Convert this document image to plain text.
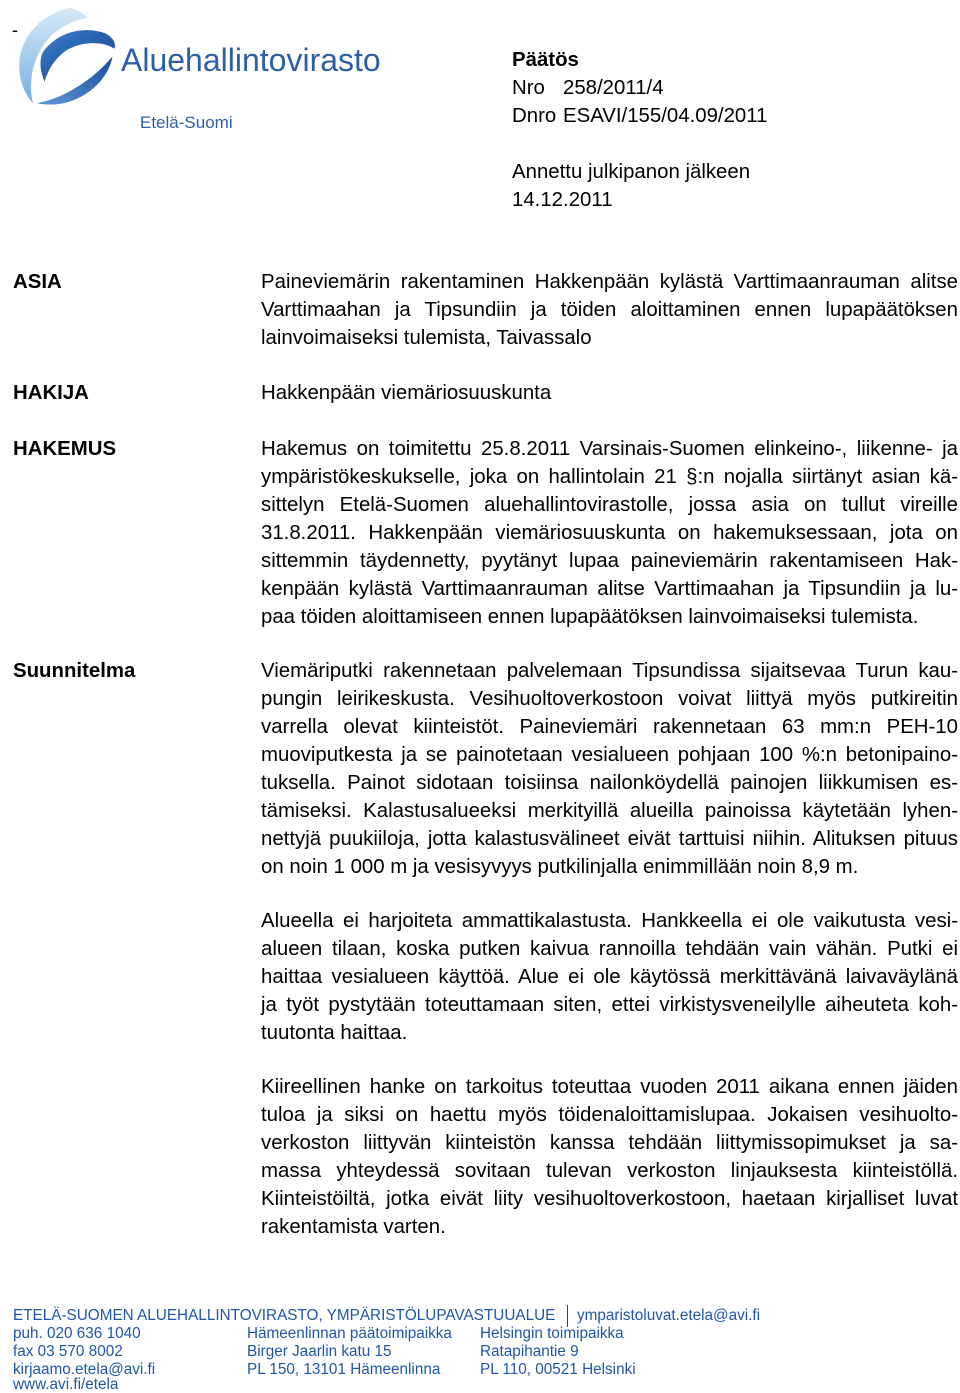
-
Aluehallintovirasto
Etelä-Suomi
Päätös
Nro 258/2011/4
Dnro ESAVI/155/04.09/2011
Annettu julkipanon jälkeen
14.12.2011
ASIA	Paineviemärin rakentaminen Hakkenpään kylästä Varttimaanrauman alitse
Varttimaahan ja Tipsundiin ja töiden aloittaminen ennen lupapäätöksen
lainvoimaiseksi tulemista, Taivassalo
HAKIJA	Hakkenpään viemäriosuuskunta
HAKEMUS	Hakemus on toimitettu 25.8.2011 Varsinais-Suomen elinkeino-, liikenne- ja
ympäristökeskukselle, joka on hallintolain 21 §:n nojalla siirtänyt asian kä-
sittelyn Etelä-Suomen aluehallintovirastolle, jossa asia on tullut vireille
31.8.2011. Hakkenpään viemäriosuuskunta on hakemuksessaan, jota on
sittemmin täydennetty, pyytänyt lupaa paineviemärin rakentamiseen Hak-
kenpään kylästä Varttimaanrauman alitse Varttimaahan ja Tipsundiin ja lu-
paa töiden aloittamiseen ennen lupapäätöksen lainvoimaiseksi tulemista.
Suunnitelma	Viemäriputki rakennetaan palvelemaan Tipsundissa sijaitsevaa Turun kau-
pungin leirikeskusta. Vesihuoltoverkostoon voivat liittyä myös putkireitin
varrella olevat kiinteistöt. Paineviemäri rakennetaan 63 mm:n PEH-10
muoviputkesta ja se painotetaan vesialueen pohjaan 100 %:n betonipaino-
tuksella. Painot sidotaan toisiinsa nailonköydellä painojen liikkumisen es-
tämiseksi. Kalastusalueeksi merkityillä alueilla painoissa käytetään lyhen-
nettyjä puukiiloja, jotta kalastusvälineet eivät tarttuisi niihin. Alituksen pituus
on noin 1 000 m ja vesisyvyys putkilinjalla enimmillään noin 8,9 m.
Alueella ei harjoiteta ammattikalastusta. Hankkeella ei ole vaikutusta vesi-
alueen tilaan, koska putken kaivua rannoilla tehdään vain vähän. Putki ei
haittaa vesialueen käyttöä. Alue ei ole käytössä merkittävänä laivaväylänä
ja työt pystytään toteuttamaan siten, ettei virkistysveneilylle aiheuteta koh-
tuutonta haittaa.
Kiireellinen hanke on tarkoitus toteuttaa vuoden 2011 aikana ennen jäiden
tuloa ja siksi on haettu myös töidenaloittamislupaa. Jokaisen vesihuolto-
verkoston liittyvän kiinteistön kanssa tehdään liittymissopimukset ja sa-
massa yhteydessä sovitaan tulevan verkoston linjauksesta kiinteistöllä.
Kiinteistöiltä, jotka eivät liity vesihuoltoverkostoon, haetaan kirjalliset luvat
rakentamista varten.
ETELÄ-SUOMEN ALUEHALLINTOVIRASTO, YMPÄRISTÖLUPAVASTUUALUE ymparistoluvat.etela@avi.fi
puh. 020 636 1040
fax 03 570 8002
kirjaamo.etela@avi.fi
www.avi.fi/etela
Hämeenlinnan päätoimipaikka
Birger Jaarlin katu 15
PL 150, 13101 Hämeenlinna
Helsingin toimipaikka
Ratapihantie 9
PL 110, 00521 Helsinki
